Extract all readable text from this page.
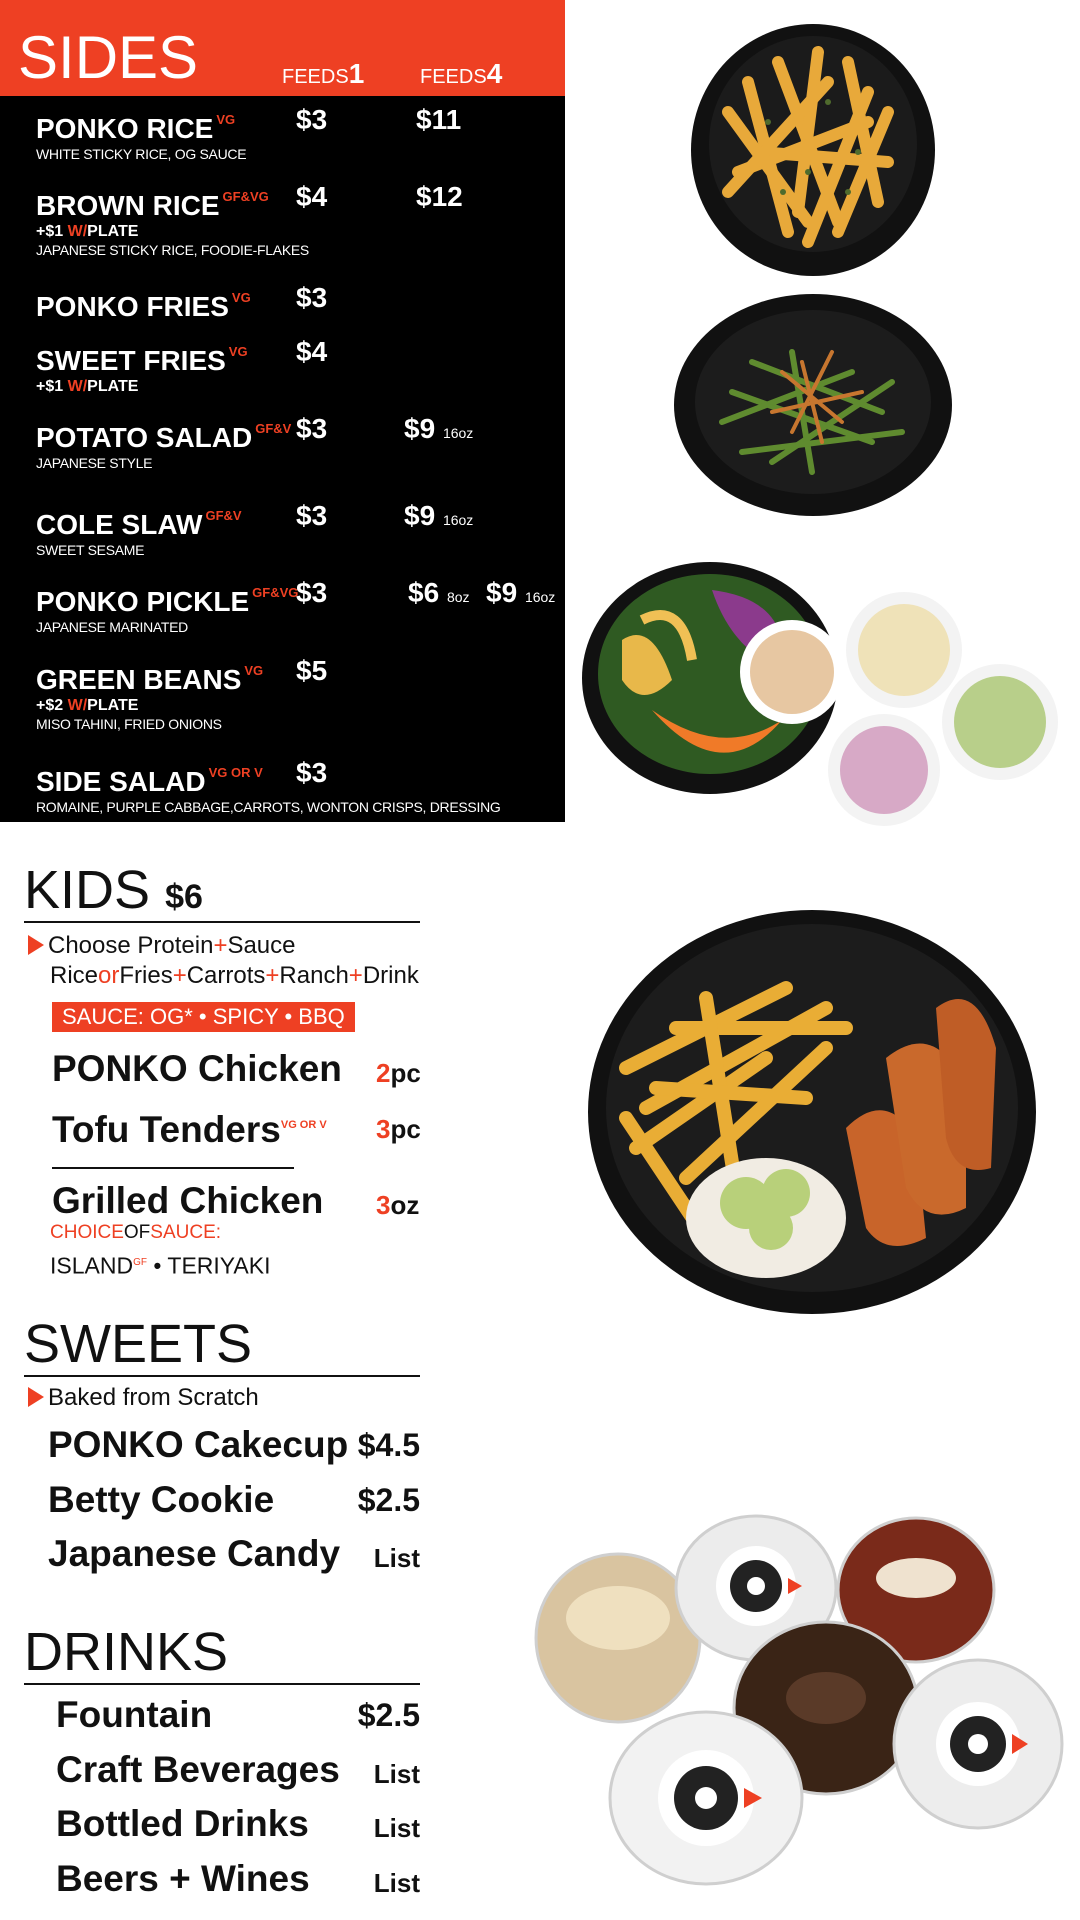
SIDES	FEEDS1	FEEDS4
PONKO RICE $^{VG}$
WHITE STICKY RICE, OG SAUCE
$3	$11
BROWN RICE $^{GF\&VG}$
+$1 W/PLATE
JAPANESE STICKY RICE, FOODIE-FLAKES
$4	$12
PONKO FRIES $^{VG}$	$3
SWEET FRIES $^{VG}$
+$1 W/PLATE
$4
POTATO SALAD $^{GF\&V}$
JAPANESE STYLE
$3	$9 16oz
COLE SLAW $^{GF\&V}$
SWEET SESAME
$3	$9 16oz
PONKO PICKLE $^{GF\&VG}$
JAPANESE MARINATED
$3	$6 8oz $9 16oz
GREEN BEANS $^{VG}$
+$2 W/PLATE
MISO TAHINI, FRIED ONIONS
$5
SIDE SALAD $^{VG OR V}$
ROMAINE, PURPLE CABBAGE,CARROTS, WONTON CRISPS, DRESSING
$3
KIDS $6
Choose Protein+Sauce
RiceorFries+Carrots+Ranch+Drink
SAUCE: OG* • SPICY • BBQ
PONKO Chicken	2pc
Tofu Tenders$^{VG OR V}$	3pc
Grilled Chicken	3oz
CHOICEOFSAUCE:
$ISLAND^{GF}$ • TERIYAKI
SWEETS
Baked from Scratch
PONKO Cakecup $4.5
Betty Cookie	$2.5
Japanese Candy List
DRINKS
Fountain	$2.5
Craft Beverages List
Bottled Drinks List
Beers + Wines List
